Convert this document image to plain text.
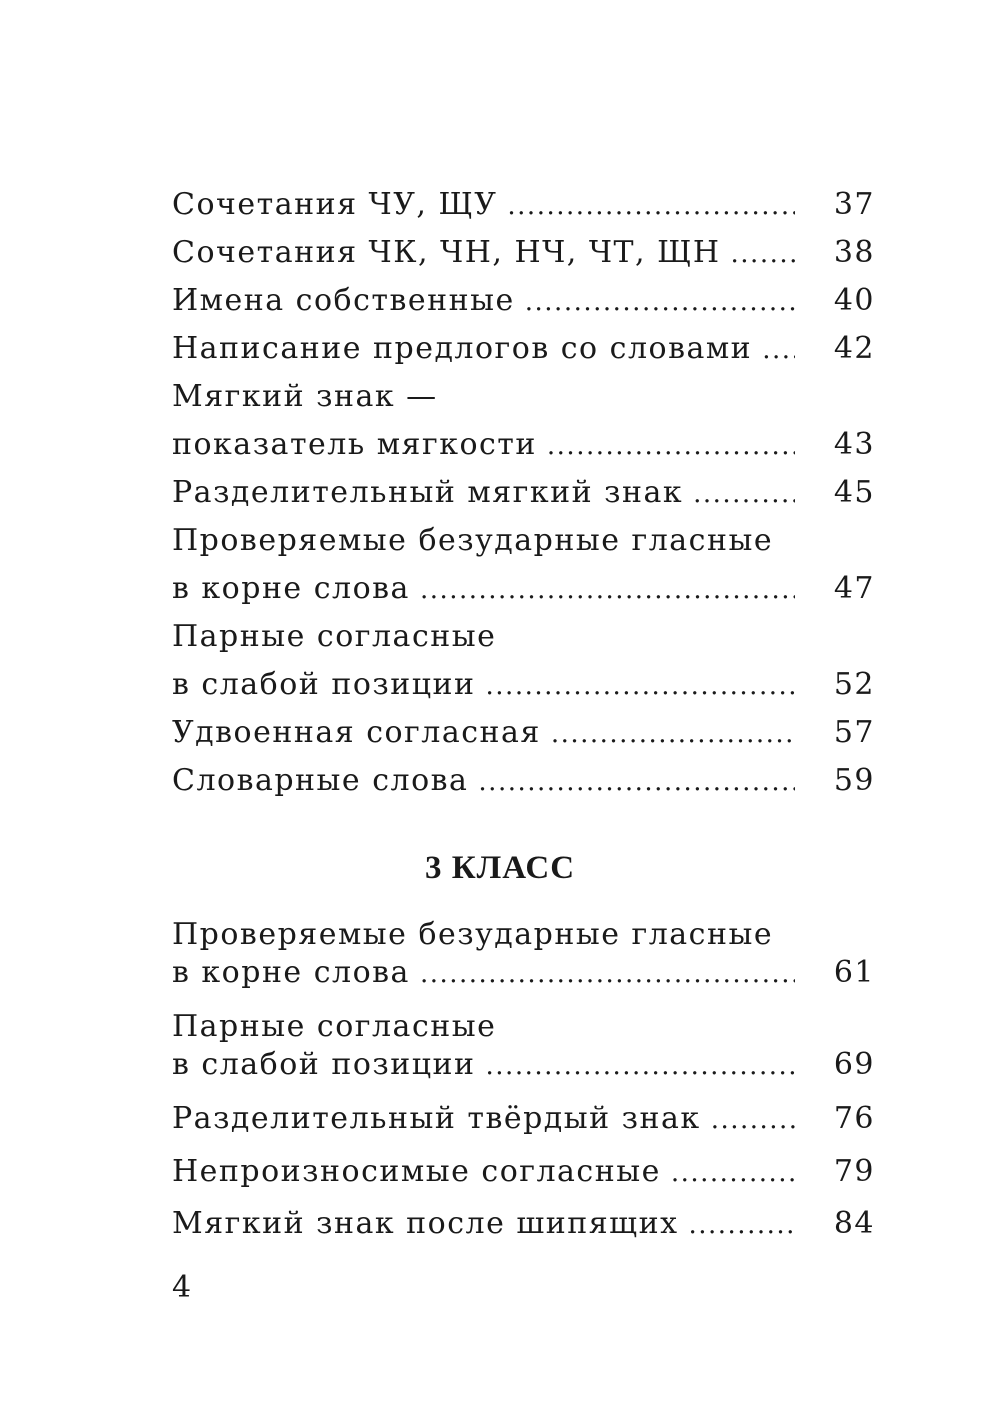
Сочетания ЧУ, ЩУ .....	37
Сочетания ЧК, ЧН, НЧ, ЧТ, ЩН .....	38
Имена собственные .....	40
Написание предлогов со словами .....	42
Мягкий знак —
показатель мягкости .....	43
Разделительный мягкий знак .....	45
Проверяемые безударные гласные
в корне слова .....	47
Парные согласные
в слабой позиции .....	52
Удвоенная согласная .....	57
Словарные слова .....	59
Проверяемые безударные гласные
в корне слова .....	61
Парные согласные
в слабой позиции .....	69
Разделительный твёрдый знак .....	76
Непроизносимые согласные .....	79
Мягкий знак после шипящих .....	84
3 КЛАСС
4
